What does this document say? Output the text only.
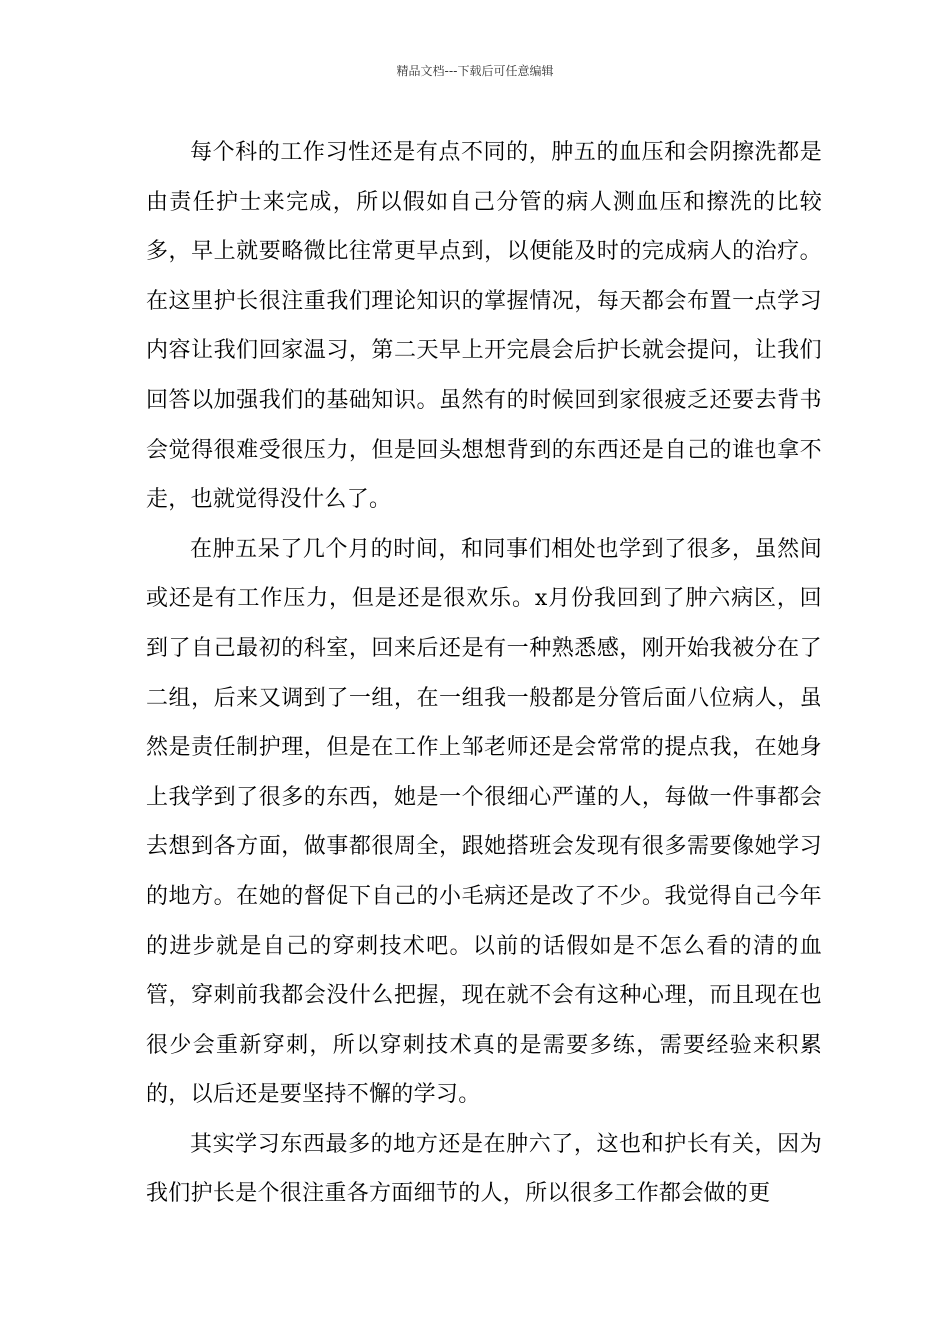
精品文档---下载后可任意编辑

每个科的工作习性还是有点不同的，肿五的血压和会阴擦洗都是由责任护士来完成，所以假如自己分管的病人测血压和擦洗的比较多，早上就要略微比往常更早点到，以便能及时的完成病人的治疗。在这里护长很注重我们理论知识的掌握情况，每天都会布置一点学习内容让我们回家温习，第二天早上开完晨会后护长就会提问，让我们回答以加强我们的基础知识。虽然有的时候回到家很疲乏还要去背书会觉得很难受很压力，但是回头想想背到的东西还是自己的谁也拿不走，也就觉得没什么了。

在肿五呆了几个月的时间，和同事们相处也学到了很多，虽然间或还是有工作压力，但是还是很欢乐。x月份我回到了肿六病区，回到了自己最初的科室，回来后还是有一种熟悉感，刚开始我被分在了二组，后来又调到了一组，在一组我一般都是分管后面八位病人，虽然是责任制护理，但是在工作上邹老师还是会常常的提点我，在她身上我学到了很多的东西，她是一个很细心严谨的人，每做一件事都会去想到各方面，做事都很周全，跟她搭班会发现有很多需要像她学习的地方。在她的督促下自己的小毛病还是改了不少。我觉得自己今年的进步就是自己的穿刺技术吧。以前的话假如是不怎么看的清的血管，穿刺前我都会没什么把握，现在就不会有这种心理，而且现在也很少会重新穿刺，所以穿刺技术真的是需要多练，需要经验来积累的，以后还是要坚持不懈的学习。

其实学习东西最多的地方还是在肿六了，这也和护长有关，因为我们护长是个很注重各方面细节的人，所以很多工作都会做的更
